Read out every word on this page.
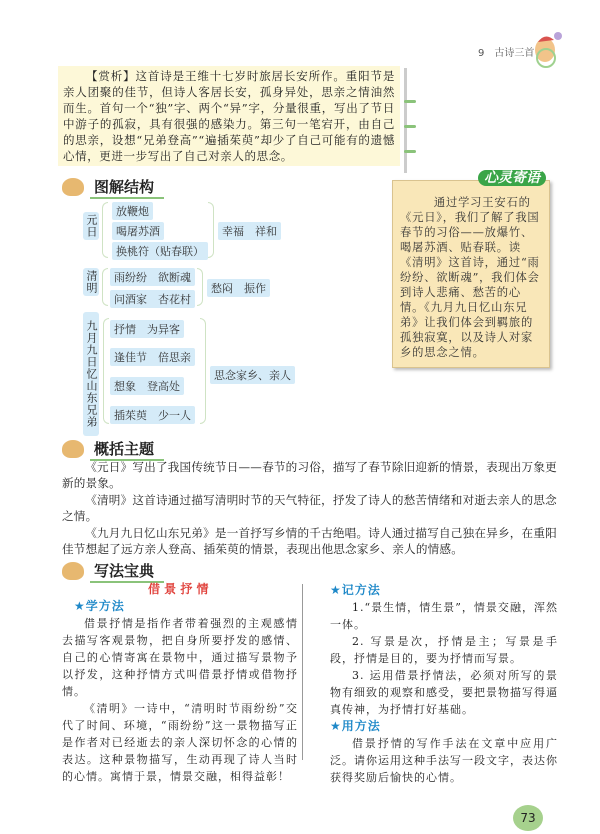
9 古诗三首
【赏析】这首诗是王维十七岁时旅居长安所作。重阳节是亲人团聚的佳节，但诗人客居长安，孤身异处，思亲之情油然而生。首句一个“独”字、两个“异”字，分量很重，写出了节日中游子的孤寂，具有很强的感染力。第三句一笔宕开，由自己的思亲，设想“兄弟登高”“遍插茱萸”却少了自己可能有的遗憾心情，更进一步写出了自己对亲人的思念。
图解结构
元日
放鞭炮
喝屠苏酒
换桃符（贴春联）
幸福　祥和
清明	雨纷纷　欲断魂
问酒家　杏花村
愁闷　振作
九月九日忆山东兄弟	抒情　为异客
逢佳节　倍思亲
想象　登高处
插茱萸　少一人
思念家乡、亲人
通过学习王安石的《元日》，我们了解了我国春节的习俗——放爆竹、喝屠苏酒、贴春联。读《清明》这首诗，通过“雨纷纷、欲断魂”，我们体会到诗人悲痛、愁苦的心情。《九月九日忆山东兄弟》让我们体会到羁旅的孤独寂寞，以及诗人对家乡的思念之情。
心灵寄语
概括主题

《元日》写出了我国传统节日——春节的习俗，描写了春节除旧迎新的情景，表现出万象更新的景象。

《清明》这首诗通过描写清明时节的天气特征，抒发了诗人的愁苦情绪和对逝去亲人的思念之情。

《九月九日忆山东兄弟》是一首抒写乡情的千古绝唱。诗人通过描写自己独在异乡，在重阳佳节想起了远方亲人登高、插茱萸的情景，表现出他思念家乡、亲人的情感。

写法宝典
借 景 抒 情
★学方法

借景抒情是指作者带着强烈的主观感情去描写客观景物，把自身所要抒发的感情、自己的心情寄寓在景物中，通过描写景物予以抒发，这种抒情方式叫借景抒情或借物抒情。

《清明》一诗中，“清明时节雨纷纷”交代了时间、环境，“雨纷纷”这一景物描写正是作者对已经逝去的亲人深切怀念的心情的表达。这种景物描写，生动再现了诗人当时的心情。寓情于景，情景交融，相得益彰！

★记方法

1.“景生情，情生景”，情景交融，浑然一体。

2. 写景是次，抒情是主；写景是手段，抒情是目的，要为抒情而写景。

3. 运用借景抒情法，必须对所写的景物有细致的观察和感受，要把景物描写得逼真传神，为抒情打好基础。

★用方法

借景抒情的写作手法在文章中应用广泛。请你运用这种手法写一段文字，表达你获得奖励后愉快的心情。

73
